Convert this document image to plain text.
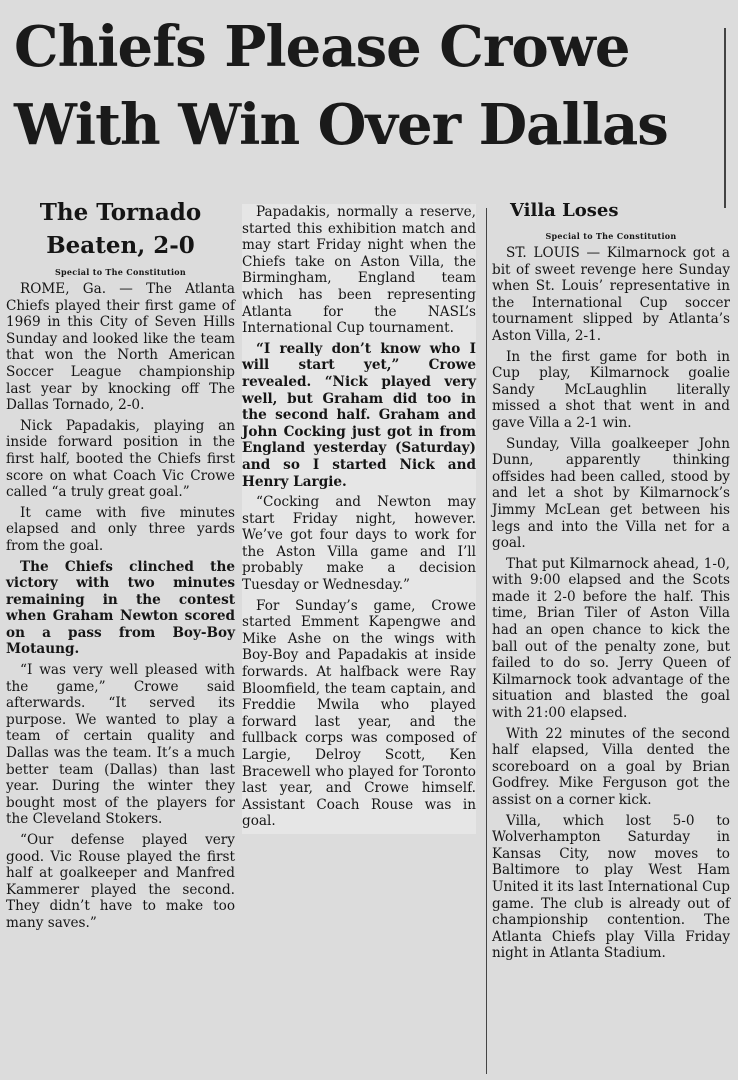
Chiefs Please Crowe
With Win Over Dallas
The Tornado
Beaten, 2-0
Special to The Constitution

ROME, Ga. — The Atlanta Chiefs played their first game of 1969 in this City of Seven Hills Sunday and looked like the team that won the North American Soccer League championship last year by knocking off The Dallas Tornado, 2-0.

Nick Papadakis, playing an inside forward position in the first half, booted the Chiefs first score on what Coach Vic Crowe called “a truly great goal.”

It came with five minutes elapsed and only three yards from the goal.

The Chiefs clinched the victory with two minutes remaining in the contest when Graham Newton scored on a pass from Boy-Boy Motaung.

“I was very well pleased with the game,” Crowe said afterwards. “It served its purpose. We wanted to play a team of certain quality and Dallas was the team. It’s a much better team (Dallas) than last year. During the winter they bought most of the players for the Cleveland Stokers.

“Our defense played very good. Vic Rouse played the first half at goalkeeper and Manfred Kammerer played the second. They didn’t have to make too many saves.”

Papadakis, normally a reserve, started this exhibition match and may start Friday night when the Chiefs take on Aston Villa, the Birmingham, England team which has been representing Atlanta for the NASL’s International Cup tournament.

“I really don’t know who I will start yet,” Crowe revealed. “Nick played very well, but Graham did too in the second half. Graham and John Cocking just got in from England yesterday (Saturday) and so I started Nick and Henry Largie.

“Cocking and Newton may start Friday night, however. We’ve got four days to work for the Aston Villa game and I’ll probably make a decision Tuesday or Wednesday.”

For Sunday’s game, Crowe started Emment Kapengwe and Mike Ashe on the wings with Boy-Boy and Papadakis at inside forwards. At halfback were Ray Bloomfield, the team captain, and Freddie Mwila who played forward last year, and the fullback corps was composed of Largie, Delroy Scott, Ken Bracewell who played for Toronto last year, and Crowe himself. Assistant Coach Rouse was in goal.

Villa Loses
Special to The Constitution

ST. LOUIS — Kilmarnock got a bit of sweet revenge here Sunday when St. Louis’ representative in the International Cup soccer tournament slipped by Atlanta’s Aston Villa, 2-1.

In the first game for both in Cup play, Kilmarnock goalie Sandy McLaughlin literally missed a shot that went in and gave Villa a 2-1 win.

Sunday, Villa goalkeeper John Dunn, apparently thinking offsides had been called, stood by and let a shot by Kilmarnock’s Jimmy McLean get between his legs and into the Villa net for a goal.

That put Kilmarnock ahead, 1-0, with 9:00 elapsed and the Scots made it 2-0 before the half. This time, Brian Tiler of Aston Villa had an open chance to kick the ball out of the penalty zone, but failed to do so. Jerry Queen of Kilmarnock took advantage of the situation and blasted the goal with 21:00 elapsed.

With 22 minutes of the second half elapsed, Villa dented the scoreboard on a goal by Brian Godfrey. Mike Ferguson got the assist on a corner kick.

Villa, which lost 5-0 to Wolverhampton Saturday in Kansas City, now moves to Baltimore to play West Ham United it its last International Cup game. The club is already out of championship contention. The Atlanta Chiefs play Villa Friday night in Atlanta Stadium.
